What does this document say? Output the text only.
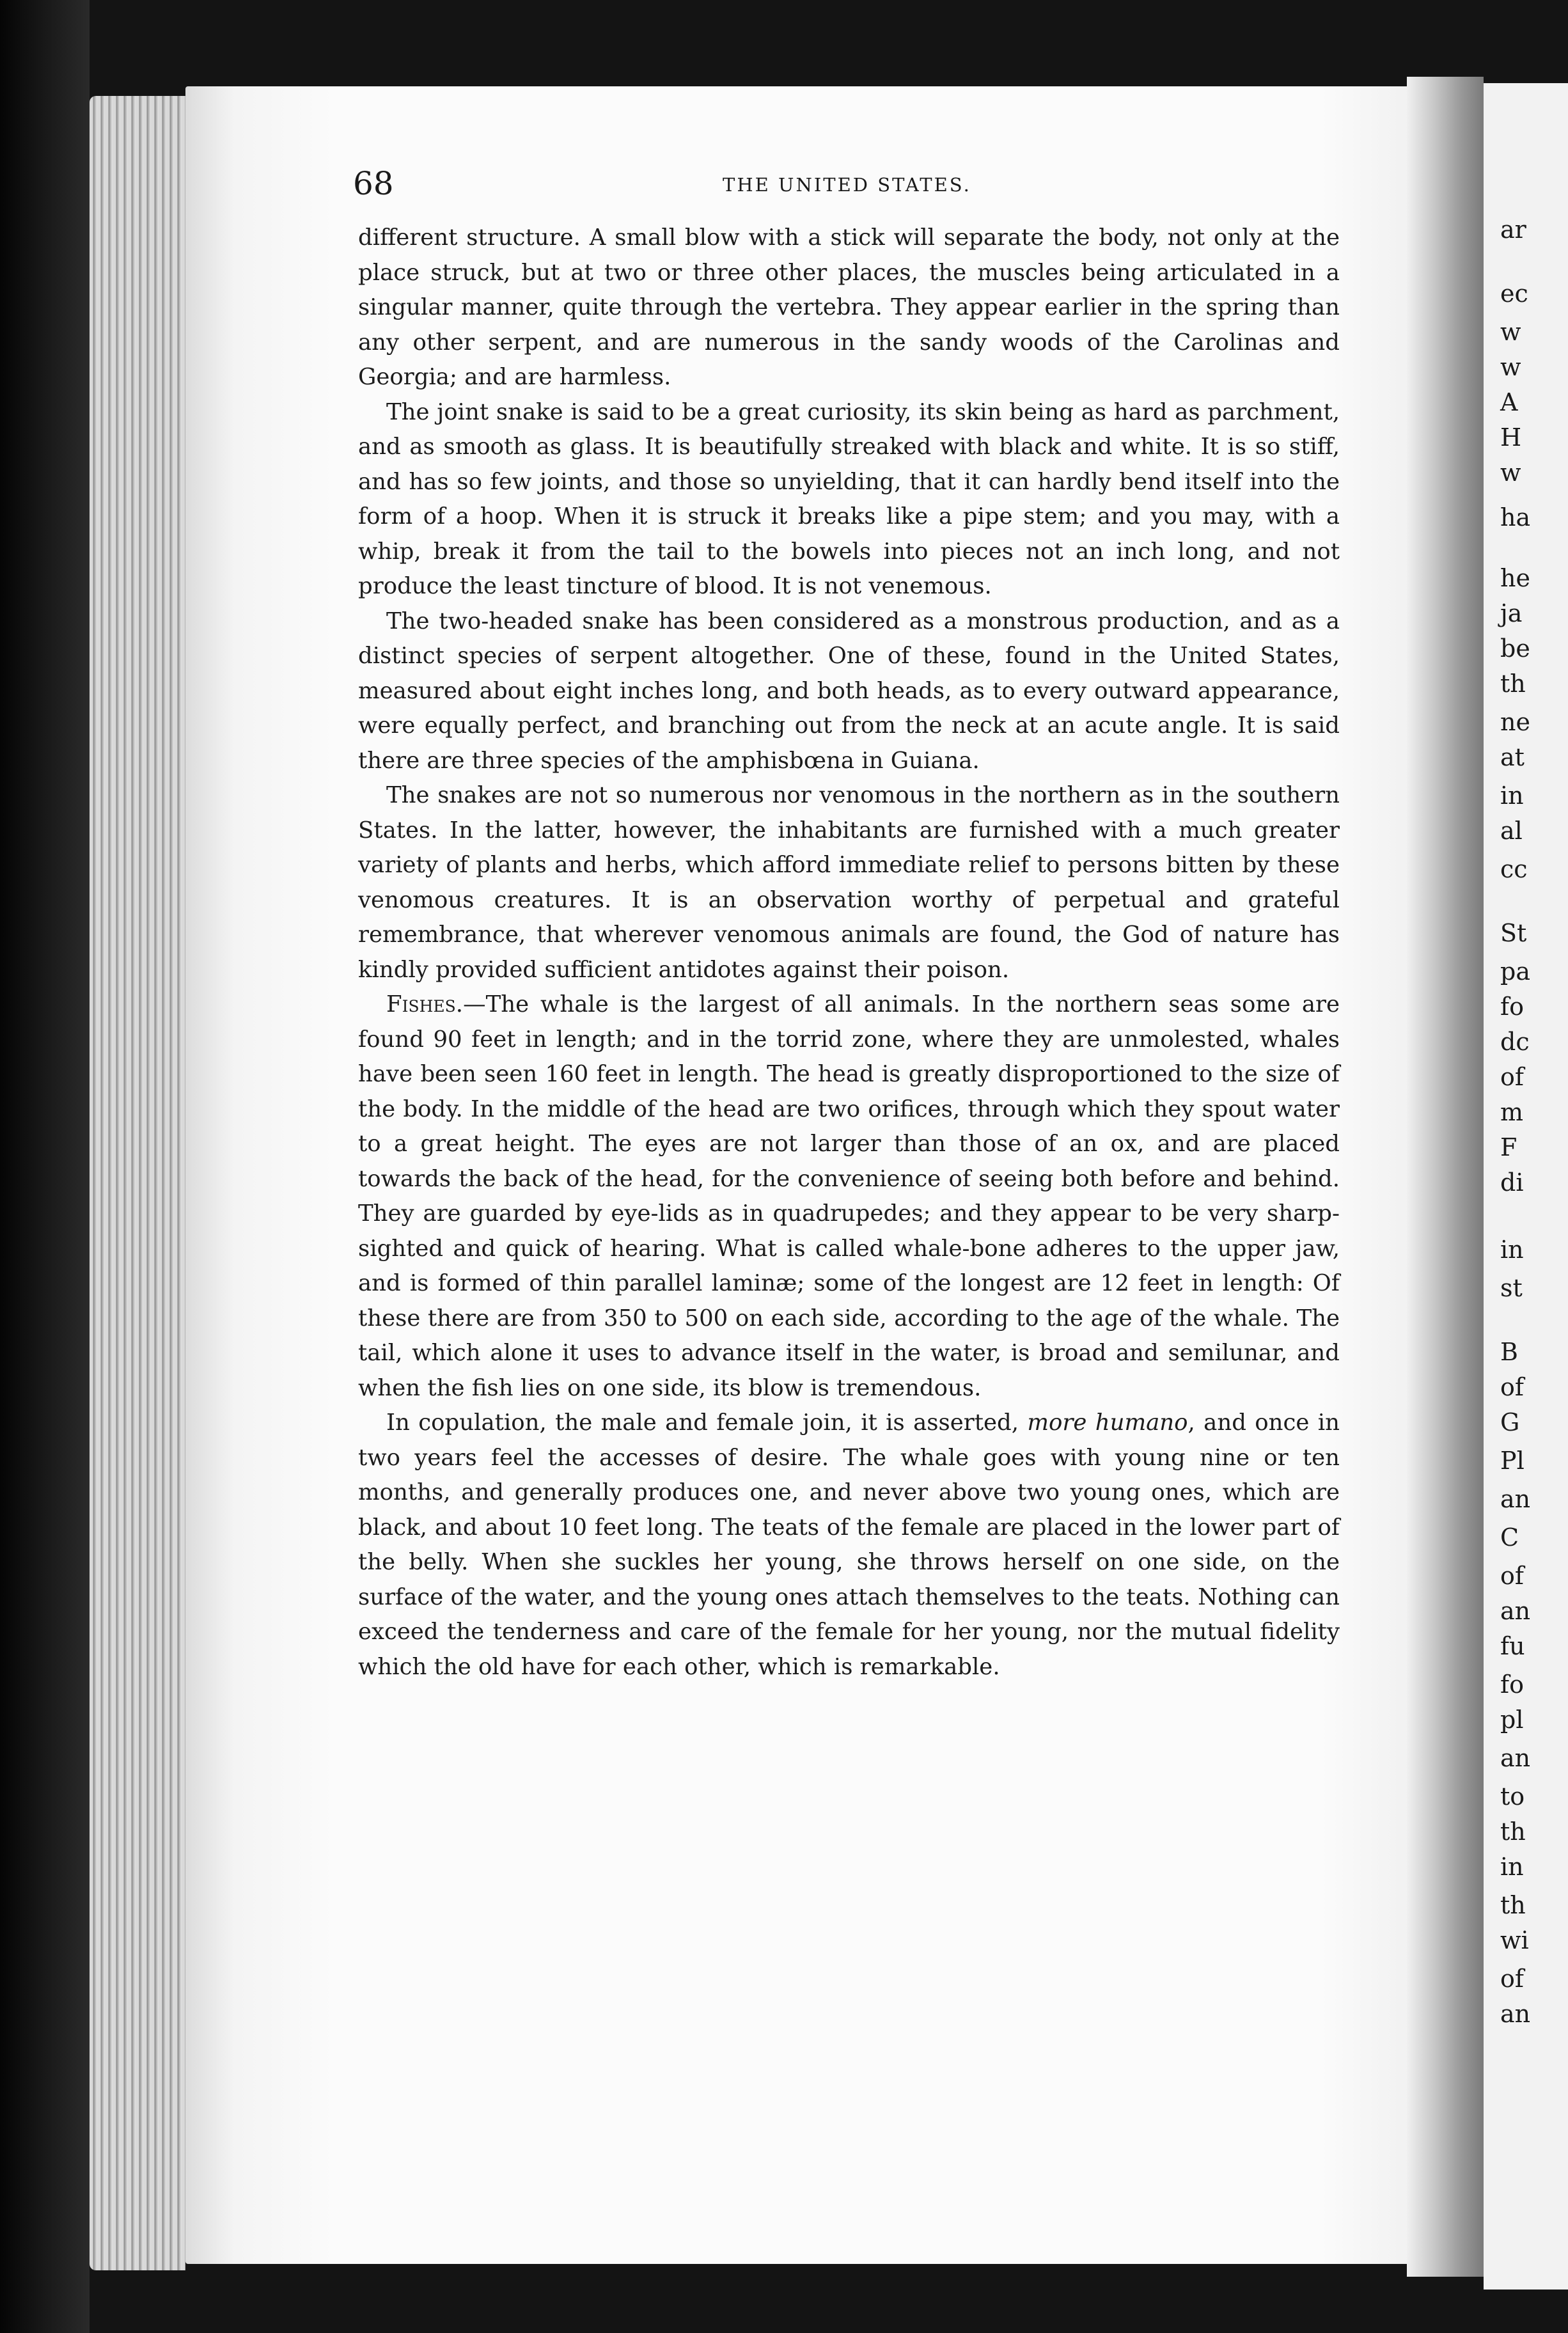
ar

ec

w

w

A

H

w

ha

he

ja

be

th

ne

at

in

al

cc

St

pa

fo

dc

of

m

F

di

in

st

B

of

G

Pl

an

C

of

an

fu

fo

pl

an

to

th

in

th

wi

of

an

68	THE UNITED STATES.

different structure. A small blow with a stick will separate the body, not only at the place struck, but at two or three other places, the muscles being articulated in a singular manner, quite through the vertebra. They appear earlier in the spring than any other serpent, and are numerous in the sandy woods of the Carolinas and Georgia; and are harmless.

The joint snake is said to be a great curiosity, its skin being as hard as parchment, and as smooth as glass. It is beautifully streaked with black and white. It is so stiff, and has so few joints, and those so unyielding, that it can hardly bend itself into the form of a hoop. When it is struck it breaks like a pipe stem; and you may, with a whip, break it from the tail to the bowels into pieces not an inch long, and not produce the least tincture of blood. It is not venemous.

The two-headed snake has been considered as a monstrous production, and as a distinct species of serpent altogether. One of these, found in the United States, measured about eight inches long, and both heads, as to every outward appearance, were equally perfect, and branching out from the neck at an acute angle. It is said there are three species of the amphisbœna in Guiana.

The snakes are not so numerous nor venomous in the northern as in the southern States. In the latter, however, the inhabitants are furnished with a much greater variety of plants and herbs, which afford immediate relief to persons bitten by these venomous creatures. It is an observation worthy of perpetual and grateful remembrance, that wherever venomous animals are found, the God of nature has kindly provided sufficient antidotes against their poison.

Fishes.—The whale is the largest of all animals. In the northern seas some are found 90 feet in length; and in the torrid zone, where they are unmolested, whales have been seen 160 feet in length. The head is greatly disproportioned to the size of the body. In the middle of the head are two orifices, through which they spout water to a great height. The eyes are not larger than those of an ox, and are placed towards the back of the head, for the convenience of seeing both before and behind. They are guarded by eye-lids as in quadrupedes; and they appear to be very sharp-sighted and quick of hearing. What is called whale-bone adheres to the upper jaw, and is formed of thin parallel laminæ; some of the longest are 12 feet in length: Of these there are from 350 to 500 on each side, according to the age of the whale. The tail, which alone it uses to advance itself in the water, is broad and semilunar, and when the fish lies on one side, its blow is tremendous.

In copulation, the male and female join, it is asserted, more humano, and once in two years feel the accesses of desire. The whale goes with young nine or ten months, and generally produces one, and never above two young ones, which are black, and about 10 feet long. The teats of the female are placed in the lower part of the belly. When she suckles her young, she throws herself on one side, on the surface of the water, and the young ones attach themselves to the teats. Nothing can exceed the tenderness and care of the female for her young, nor the mutual fidelity which the old have for each other, which is remarkable.
